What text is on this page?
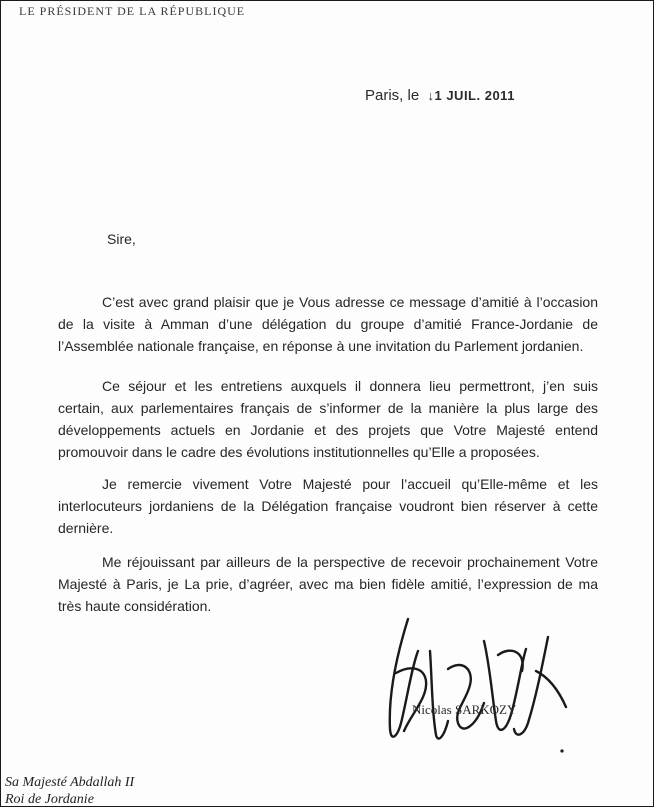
LE PRÉSIDENT DE LA RÉPUBLIQUE
Paris, le  ↓1 JUIL. 2011
Sire,

C’est avec grand plaisir que je Vous adresse ce message d’amitié à l’occasion de la visite à Amman d’une délégation du groupe d’amitié France-Jordanie de l’Assemblée nationale française, en réponse à une invitation du Parlement jordanien.

Ce séjour et les entretiens auxquels il donnera lieu permettront, j’en suis certain, aux parlementaires français de s’informer de la manière la plus large des développements actuels en Jordanie et des projets que Votre Majesté entend promouvoir dans le cadre des évolutions institutionnelles qu’Elle a proposées.

Je remercie vivement Votre Majesté pour l’accueil qu’Elle-même et les interlocuteurs jordaniens de la Délégation française voudront bien réserver à cette dernière.

Me réjouissant par ailleurs de la perspective de recevoir prochainement Votre Majesté à Paris, je La prie, d’agréer, avec ma bien fidèle amitié, l’expression de ma très haute considération.

Nicolas SARKOZY
Sa Majesté Abdallah II
Roi de Jordanie
